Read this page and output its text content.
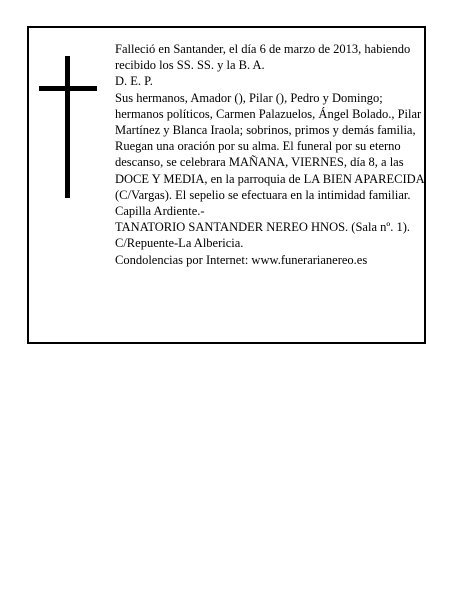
Falleció en Santander, el día 6 de marzo de 2013, habiendo recibido los SS. SS. y la B. A.

D. E. P.

Sus hermanos, Amador (), Pilar (), Pedro y Domingo; hermanos políticos, Carmen Palazuelos, Ángel Bolado., Pilar Martínez y Blanca Iraola; sobrinos, primos y demás familia,

Ruegan una oración por su alma. El funeral por su eterno descanso, se celebrara MAÑANA, VIERNES, día 8, a las DOCE Y MEDIA, en la parroquia de LA BIEN APARECIDA (C/Vargas). El sepelio se efectuara en la intimidad familiar. Capilla Ardiente.-

TANATORIO SANTANDER NEREO HNOS. (Sala nº. 1). C/Repuente-La Albericia.

Condolencias por Internet: www.funerarianereo.es
